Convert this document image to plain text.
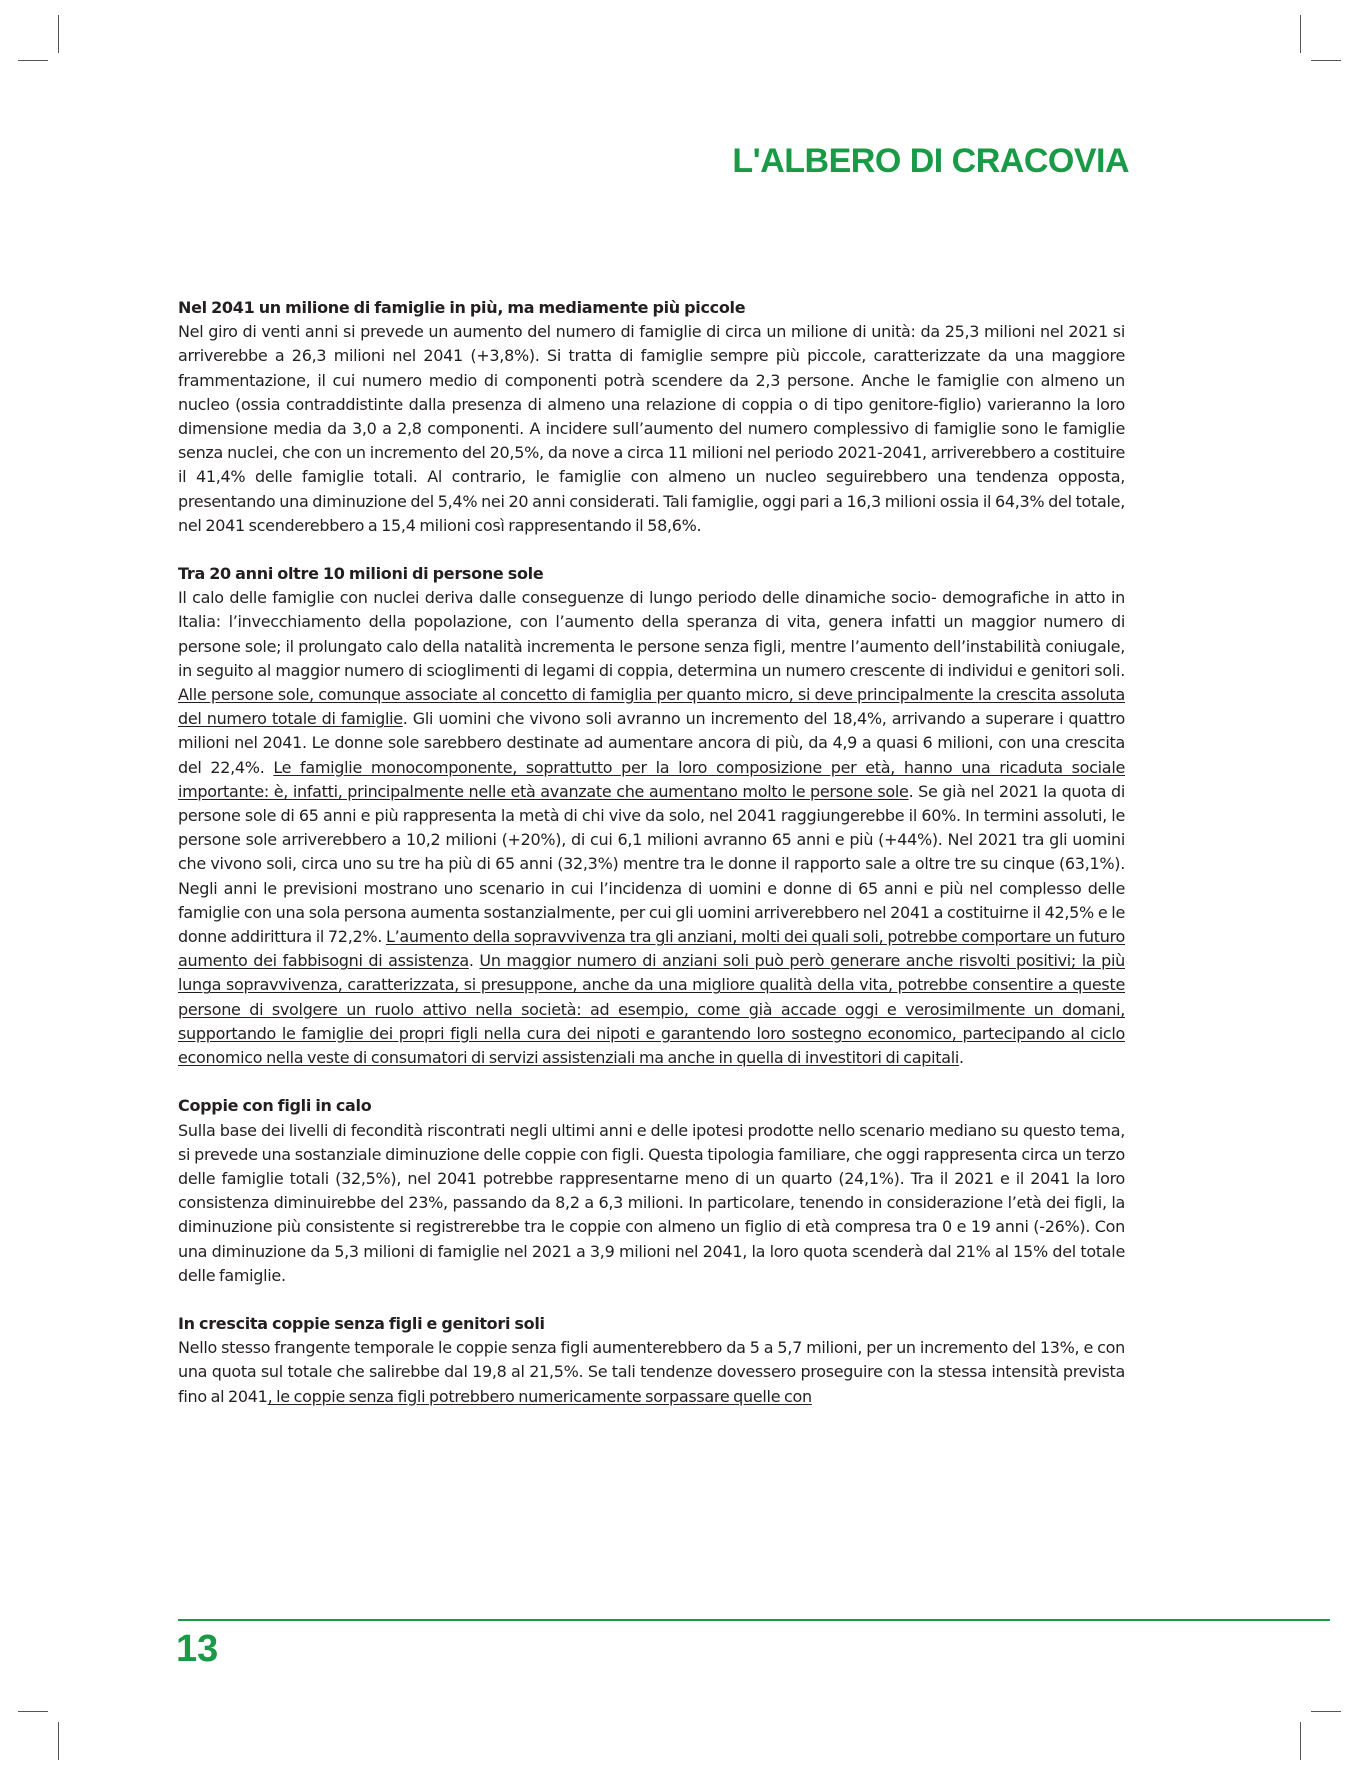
L'ALBERO DI CRACOVIA
Nel 2041 un milione di famiglie in più, ma mediamente più piccole

Nel giro di venti anni si prevede un aumento del numero di famiglie di circa un milione di unità: da 25,3 milioni nel 2021 si arriverebbe a 26,3 milioni nel 2041 (+3,8%). Si tratta di famiglie sempre più piccole, caratterizzate da una maggiore frammentazione, il cui numero medio di componenti potrà scendere da 2,3 persone. Anche le famiglie con almeno un nucleo (ossia contraddistinte dalla presenza di almeno una relazione di coppia o di tipo genitore-figlio) varieranno la loro dimensione media da 3,0 a 2,8 componenti. A incidere sull’aumento del numero complessivo di famiglie sono le famiglie senza nuclei, che con un incremento del 20,5%, da nove a circa 11 milioni nel periodo 2021-2041, arriverebbero a costituire il 41,4% delle famiglie totali. Al contrario, le famiglie con almeno un nucleo seguirebbero una tendenza opposta, presentando una diminuzione del 5,4% nei 20 anni considerati. Tali famiglie, oggi pari a 16,3 milioni ossia il 64,3% del totale, nel 2041 scenderebbero a 15,4 milioni così rappresentando il 58,6%.

Tra 20 anni oltre 10 milioni di persone sole

Il calo delle famiglie con nuclei deriva dalle conseguenze di lungo periodo delle dinamiche socio- demografiche in atto in Italia: l’invecchiamento della popolazione, con l’aumento della speranza di vita, genera infatti un maggior numero di persone sole; il prolungato calo della natalità incrementa le persone senza figli, mentre l’aumento dell’instabilità coniugale, in seguito al maggior numero di scioglimenti di legami di coppia, determina un numero crescente di individui e genitori soli. Alle persone sole, comunque associate al concetto di famiglia per quanto micro, si deve principalmente la crescita assoluta del numero totale di famiglie. Gli uomini che vivono soli avranno un incremento del 18,4%, arrivando a superare i quattro milioni nel 2041. Le donne sole sarebbero destinate ad aumentare ancora di più, da 4,9 a quasi 6 milioni, con una crescita del 22,4%. Le famiglie monocomponente, soprattutto per la loro composizione per età, hanno una ricaduta sociale importante: è, infatti, principalmente nelle età avanzate che aumentano molto le persone sole. Se già nel 2021 la quota di persone sole di 65 anni e più rappresenta la metà di chi vive da solo, nel 2041 raggiungerebbe il 60%. In termini assoluti, le persone sole arriverebbero a 10,2 milioni (+20%), di cui 6,1 milioni avranno 65 anni e più (+44%). Nel 2021 tra gli uomini che vivono soli, circa uno su tre ha più di 65 anni (32,3%) mentre tra le donne il rapporto sale a oltre tre su cinque (63,1%). Negli anni le previsioni mostrano uno scenario in cui l’incidenza di uomini e donne di 65 anni e più nel complesso delle famiglie con una sola persona aumenta sostanzialmente, per cui gli uomini arriverebbero nel 2041 a costituirne il 42,5% e le donne addirittura il 72,2%. L’aumento della sopravvivenza tra gli anziani, molti dei quali soli, potrebbe comportare un futuro aumento dei fabbisogni di assistenza. Un maggior numero di anziani soli può però generare anche risvolti positivi; la più lunga sopravvivenza, caratterizzata, si presuppone, anche da una migliore qualità della vita, potrebbe consentire a queste persone di svolgere un ruolo attivo nella società: ad esempio, come già accade oggi e verosimilmente un domani, supportando le famiglie dei propri figli nella cura dei nipoti e garantendo loro sostegno economico, partecipando al ciclo economico nella veste di consumatori di servizi assistenziali ma anche in quella di investitori di capitali.

Coppie con figli in calo

Sulla base dei livelli di fecondità riscontrati negli ultimi anni e delle ipotesi prodotte nello scenario mediano su questo tema, si prevede una sostanziale diminuzione delle coppie con figli. Questa tipologia familiare, che oggi rappresenta circa un terzo delle famiglie totali (32,5%), nel 2041 potrebbe rappresentarne meno di un quarto (24,1%). Tra il 2021 e il 2041 la loro consistenza diminuirebbe del 23%, passando da 8,2 a 6,3 milioni. In particolare, tenendo in considerazione l’età dei figli, la diminuzione più consistente si registrerebbe tra le coppie con almeno un figlio di età compresa tra 0 e 19 anni (-26%). Con una diminuzione da 5,3 milioni di famiglie nel 2021 a 3,9 milioni nel 2041, la loro quota scenderà dal 21% al 15% del totale delle famiglie.

In crescita coppie senza figli e genitori soli

Nello stesso frangente temporale le coppie senza figli aumenterebbero da 5 a 5,7 milioni, per un incremento del 13%, e con una quota sul totale che salirebbe dal 19,8 al 21,5%. Se tali tendenze dovessero proseguire con la stessa intensità prevista fino al 2041, le coppie senza figli potrebbero numericamente sorpassare quelle con

13
